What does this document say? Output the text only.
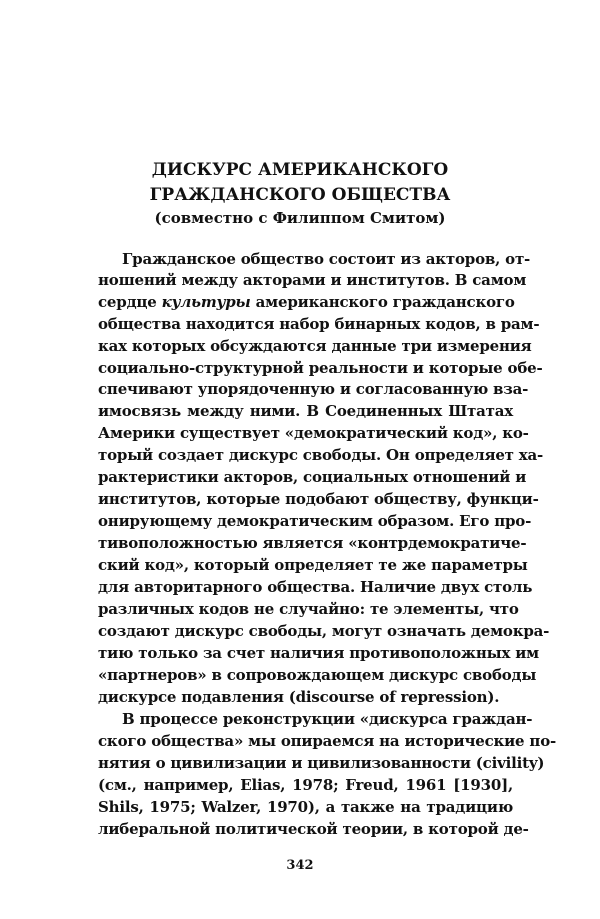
ДИСКУРС АМЕРИКАНСКОГО
ГРАЖДАНСКОГО ОБЩЕСТВА
(совместно с Филиппом Смитом)
Гражданское общество состоит из акторов, от-
ношений между акторами и институтов. В самом
сердце культуры американского гражданского
общества находится набор бинарных кодов, в рам-
ках которых обсуждаются данные три измерения
социально-структурной реальности и которые обе-
спечивают упорядоченную и согласованную вза-
имосвязь между ними. В Соединенных Штатах
Америки существует «демократический код», ко-
торый создает дискурс свободы. Он определяет ха-
рактеристики акторов, социальных отношений и
институтов, которые подобают обществу, функци-
онирующему демократическим образом. Его про-
тивоположностью является «контрдемократиче-
ский код», который определяет те же параметры
для авторитарного общества. Наличие двух столь
различных кодов не случайно: те элементы, что
создают дискурс свободы, могут означать демокра-
тию только за счет наличия противоположных им
«партнеров» в сопровождающем дискурс свободы
дискурсе подавления (discourse of repression).
В процессе реконструкции «дискурса граждан-
ского общества» мы опираемся на исторические по-
нятия о цивилизации и цивилизованности (civility)
(см., например, Elias, 1978; Freud, 1961 [1930],
Shils, 1975; Walzer, 1970), а также на традицию
либеральной политической теории, в которой де-
342
